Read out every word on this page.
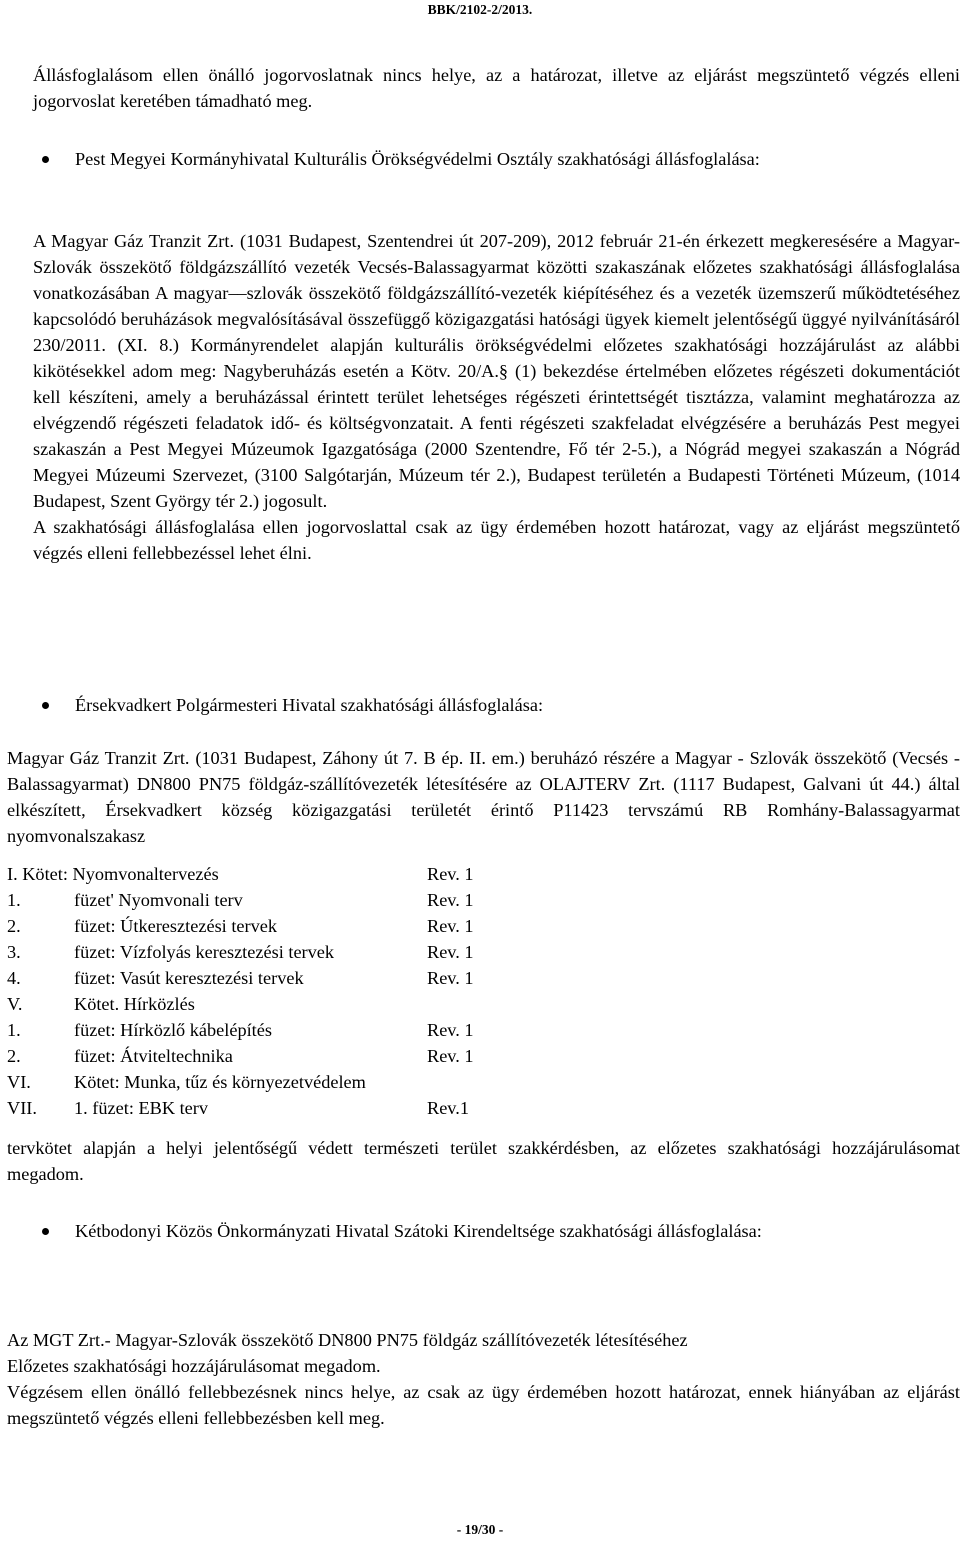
BBK/2102-2/2013.

Állásfoglalásom ellen önálló jogorvoslatnak nincs helye, az a határozat, illetve az eljárást megszüntető végzés elleni jogorvoslat keretében támadható meg.

Pest Megyei Kormányhivatal Kulturális Örökségvédelmi Osztály szakhatósági állásfoglalása:

A Magyar Gáz Tranzit Zrt. (1031 Budapest, Szentendrei út 207-209), 2012 február 21-én érkezett megkeresésére a Magyar- Szlovák összekötő földgázszállító vezeték Vecsés-Balassagyarmat közötti szakaszának előzetes szakhatósági állásfoglalása vonatkozásában A magyar––szlovák összekötő földgázszállító-vezeték kiépítéséhez és a vezeték üzemszerű működtetéséhez kapcsolódó beruházások megvalósításával összefüggő közigazgatási hatósági ügyek kiemelt jelentőségű üggyé nyilvánításáról 230/2011. (XI. 8.) Kormányrendelet alapján kulturális örökségvédelmi előzetes szakhatósági hozzájárulást az alábbi kikötésekkel adom meg: Nagyberuházás esetén a Kötv. 20/A.§ (1) bekezdése értelmében előzetes régészeti dokumentációt kell készíteni, amely a beruházással érintett terület lehetséges régészeti érintettségét tisztázza, valamint meghatározza az elvégzendő régészeti feladatok idő- és költségvonzatait. A fenti régészeti szakfeladat elvégzésére a beruházás Pest megyei szakaszán a Pest Megyei Múzeumok Igazgatósága (2000 Szentendre, Fő tér 2-5.), a Nógrád megyei szakaszán a Nógrád Megyei Múzeumi Szervezet, (3100 Salgótarján, Múzeum tér 2.), Budapest területén a Budapesti Történeti Múzeum, (1014 Budapest, Szent György tér 2.) jogosult.

A szakhatósági állásfoglalása ellen jogorvoslattal csak az ügy érdemében hozott határozat, vagy az eljárást megszüntető végzés elleni fellebbezéssel lehet élni.

Érsekvadkert Polgármesteri Hivatal szakhatósági állásfoglalása:

Magyar Gáz Tranzit Zrt. (1031 Budapest, Záhony út 7. B ép. II. em.) beruházó részére a Magyar - Szlovák összekötő (Vecsés - Balassagyarmat) DN800 PN75 földgáz-szállítóvezeték létesítésére az OLAJTERV Zrt. (1117 Budapest, Galvani út 44.) által elkészített, Érsekvadkert község közigazgatási területét érintő P11423 tervszámú RB Romhány-Balassagyarmat nyomvonalszakasz

I. Kötet: Nyomvonaltervezés	Rev. 1
1.	füzet' Nyomvonali terv	Rev. 1
2.	füzet: Útkeresztezési tervek	Rev. 1
3.	füzet: Vízfolyás keresztezési tervek	Rev. 1
4.	füzet: Vasút keresztezési tervek	Rev. 1
V.	Kötet. Hírközlés
1.	füzet: Hírközlő kábelépítés	Rev. 1
2.	füzet: Átviteltechnika	Rev. 1
VI. Kötet: Munka, tűz és környezetvédelem
VII. 1. füzet: EBK terv	Rev.1

tervkötet alapján a helyi jelentőségű védett természeti terület szakkérdésben, az előzetes szakhatósági hozzájárulásomat megadom.

Kétbodonyi Közös Önkormányzati Hivatal Szátoki Kirendeltsége szakhatósági állásfoglalása:

Az MGT Zrt.- Magyar-Szlovák összekötő DN800 PN75 földgáz szállítóvezeték létesítéséhez

Előzetes szakhatósági hozzájárulásomat megadom.

Végzésem ellen önálló fellebbezésnek nincs helye, az csak az ügy érdemében hozott határozat, ennek hiányában az eljárást megszüntető végzés elleni fellebbezésben kell meg.

- 19/30 -
